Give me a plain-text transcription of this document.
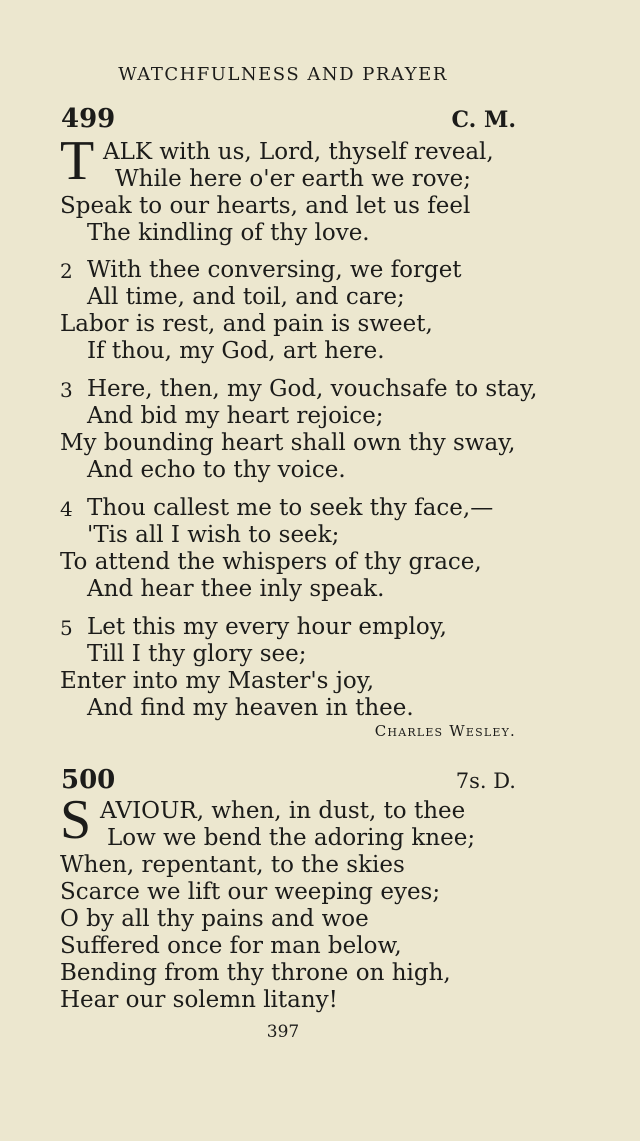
WATCHFULNESS AND PRAYER
499	C. M.
T ALK with us, Lord, thyself reveal,
While here o'er earth we rove;
Speak to our hearts, and let us feel
The kindling of thy love.
2 With thee conversing, we forget
All time, and toil, and care;
Labor is rest, and pain is sweet,
If thou, my God, art here.
3 Here, then, my God, vouchsafe to stay,
And bid my heart rejoice;
My bounding heart shall own thy sway,
And echo to thy voice.
4 Thou callest me to seek thy face,—
'Tis all I wish to seek;
To attend the whispers of thy grace,
And hear thee inly speak.
5 Let this my every hour employ,
Till I thy glory see;
Enter into my Master's joy,
And find my heaven in thee.
Charles Wesley.
500	7s. D.
S AVIOUR, when, in dust, to thee
Low we bend the adoring knee;
When, repentant, to the skies
Scarce we lift our weeping eyes;
O by all thy pains and woe
Suffered once for man below,
Bending from thy throne on high,
Hear our solemn litany!
397
